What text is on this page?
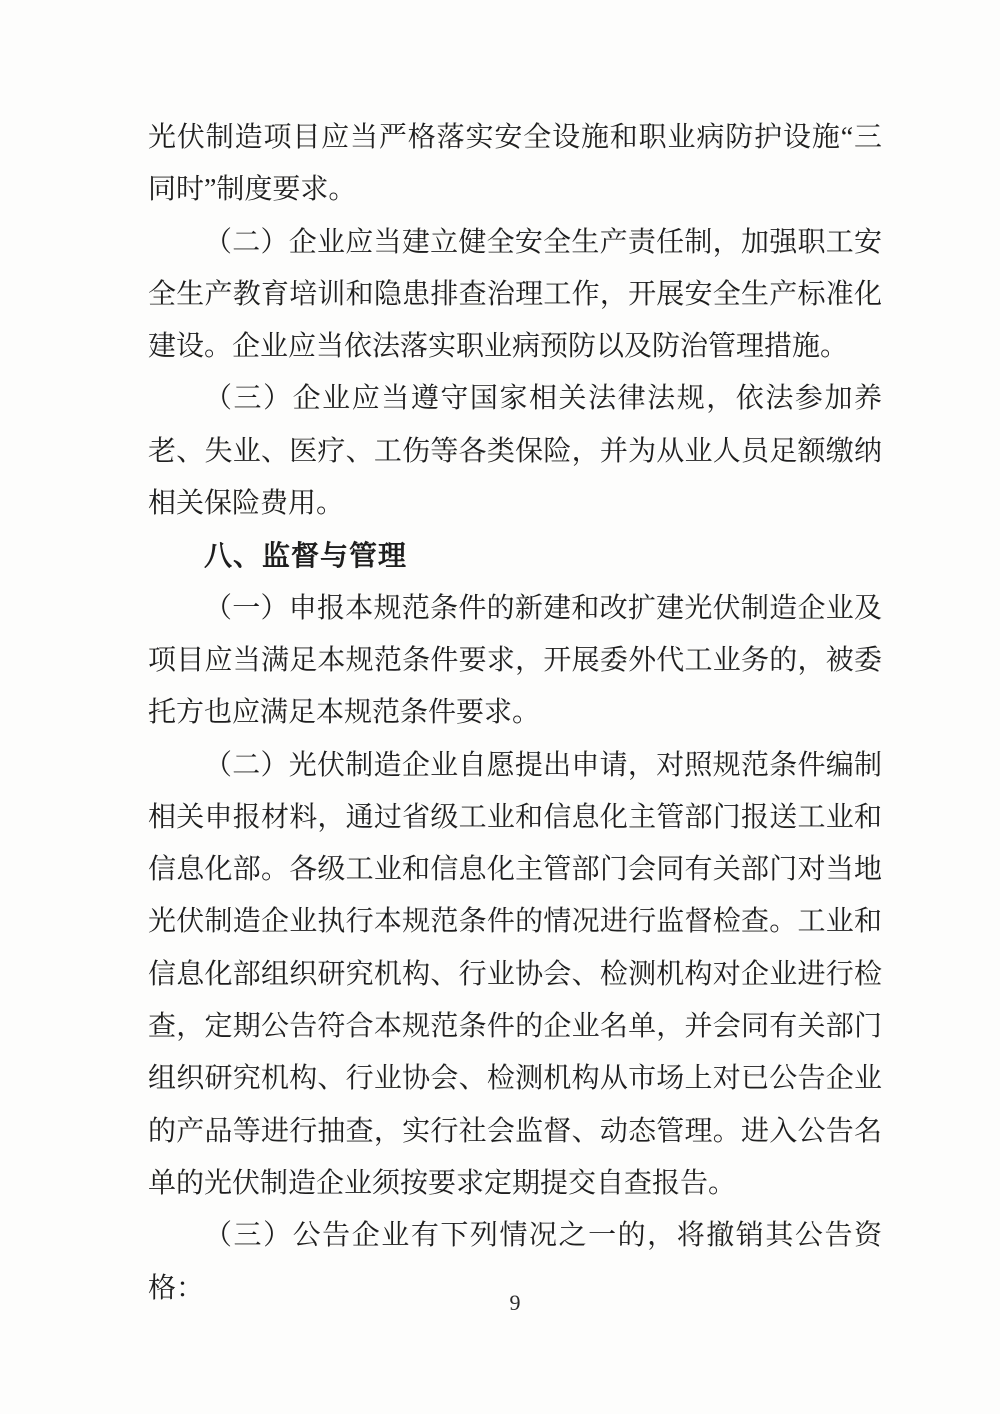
光伏制造项目应当严格落实安全设施和职业病防护设施“三同时”制度要求。

（二）企业应当建立健全安全生产责任制，加强职工安全生产教育培训和隐患排查治理工作，开展安全生产标准化建设。企业应当依法落实职业病预防以及防治管理措施。

（三）企业应当遵守国家相关法律法规，依法参加养老、失业、医疗、工伤等各类保险，并为从业人员足额缴纳相关保险费用。

八、监督与管理

（一）申报本规范条件的新建和改扩建光伏制造企业及项目应当满足本规范条件要求，开展委外代工业务的，被委托方也应满足本规范条件要求。

（二）光伏制造企业自愿提出申请，对照规范条件编制相关申报材料，通过省级工业和信息化主管部门报送工业和信息化部。各级工业和信息化主管部门会同有关部门对当地光伏制造企业执行本规范条件的情况进行监督检查。工业和信息化部组织研究机构、行业协会、检测机构对企业进行检查，定期公告符合本规范条件的企业名单，并会同有关部门组织研究机构、行业协会、检测机构从市场上对已公告企业的产品等进行抽查，实行社会监督、动态管理。进入公告名单的光伏制造企业须按要求定期提交自查报告。

（三）公告企业有下列情况之一的，将撤销其公告资格：	9
